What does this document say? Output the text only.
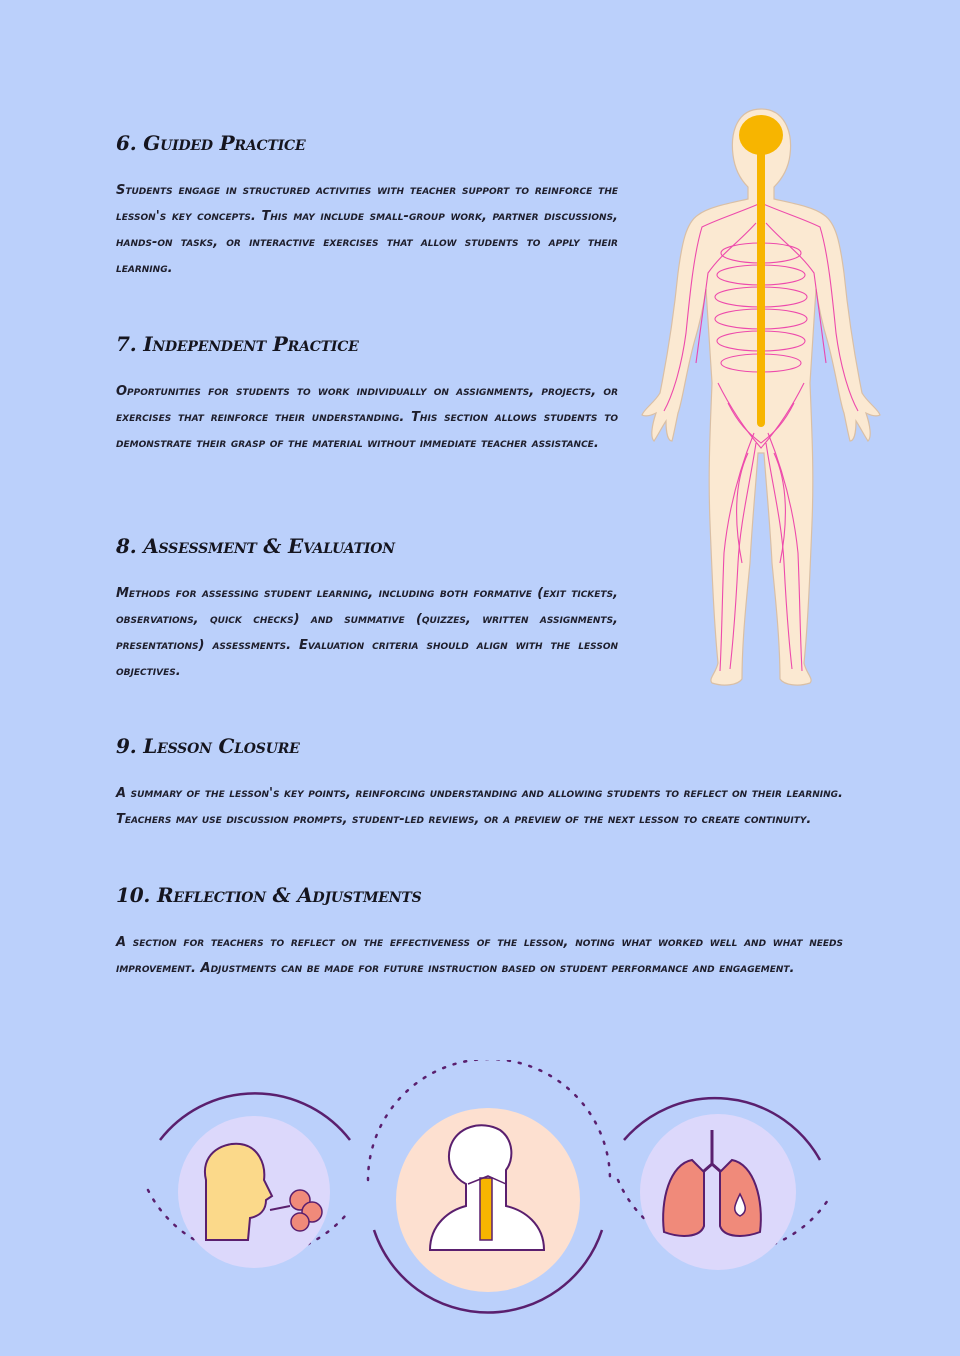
6. Guided Practice

Students engage in structured activities with teacher support to reinforce the lesson's key concepts. This may include small-group work, partner discussions, hands-on tasks, or interactive exercises that allow students to apply their learning.

7. Independent Practice

Opportunities for students to work individually on assignments, projects, or exercises that reinforce their understanding. This section allows students to demonstrate their grasp of the material without immediate teacher assistance.

8. Assessment & Evaluation

Methods for assessing student learning, including both formative (exit tickets, observations, quick checks) and summative (quizzes, written assignments, presentations) assessments. Evaluation criteria should align with the lesson objectives.

9. Lesson Closure

A summary of the lesson's key points, reinforcing understanding and allowing students to reflect on their learning. Teachers may use discussion prompts, student-led reviews, or a preview of the next lesson to create continuity.

10. Reflection & Adjustments

A section for teachers to reflect on the effectiveness of the lesson, noting what worked well and what needs improvement. Adjustments can be made for future instruction based on student performance and engagement.
